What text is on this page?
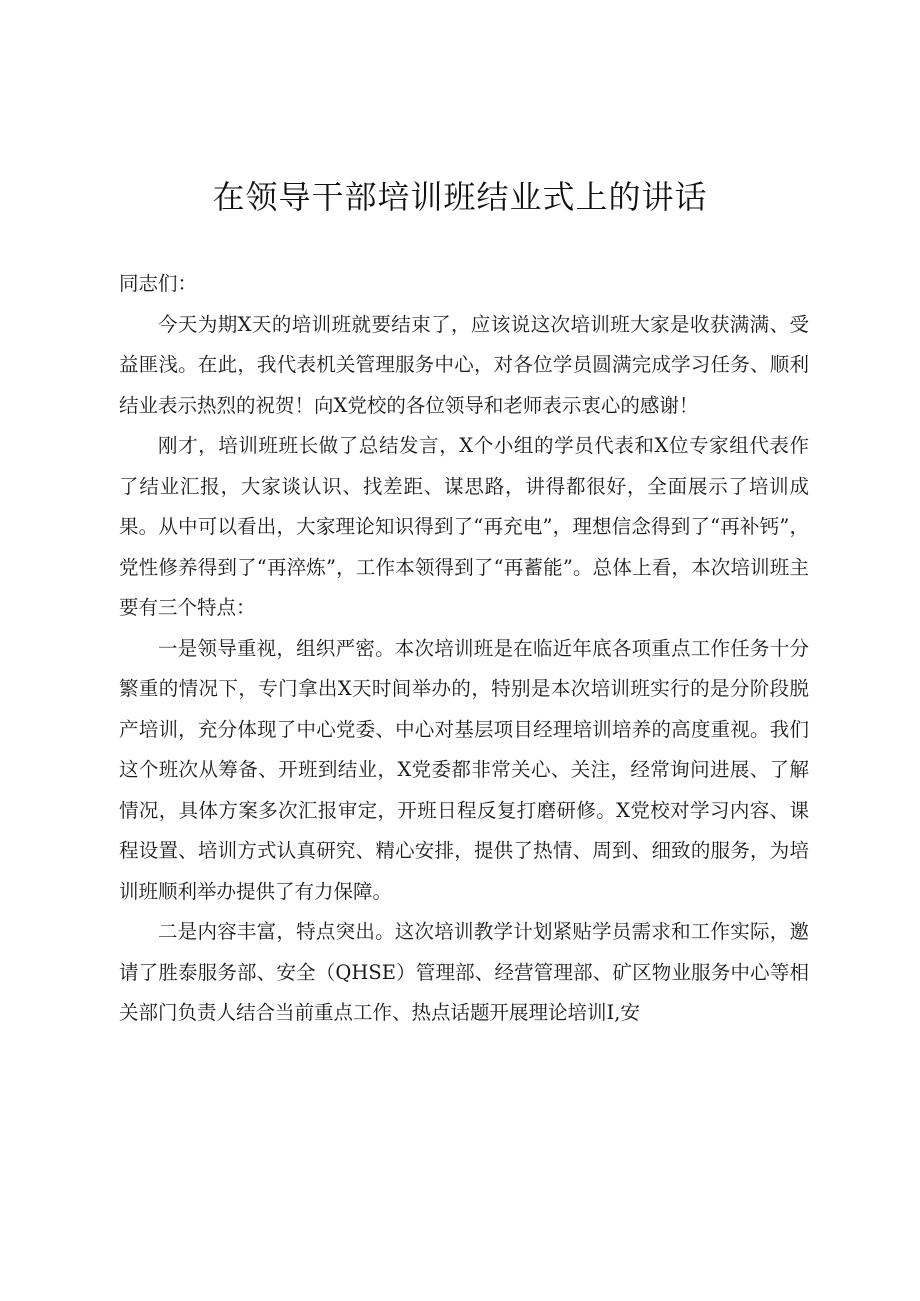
在领导干部培训班结业式上的讲话

同志们：

今天为期X天的培训班就要结束了，应该说这次培训班大家是收获满满、受益匪浅。在此，我代表机关管理服务中心，对各位学员圆满完成学习任务、顺利结业表示热烈的祝贺！向X党校的各位领导和老师表示衷心的感谢！

刚才，培训班班长做了总结发言，X个小组的学员代表和X位专家组代表作了结业汇报，大家谈认识、找差距、谋思路，讲得都很好，全面展示了培训成果。从中可以看出，大家理论知识得到了“再充电”，理想信念得到了“再补钙”，党性修养得到了“再淬炼”，工作本领得到了“再蓄能”。总体上看，本次培训班主要有三个特点：

一是领导重视，组织严密。本次培训班是在临近年底各项重点工作任务十分繁重的情况下，专门拿出X天时间举办的，特别是本次培训班实行的是分阶段脱产培训，充分体现了中心党委、中心对基层项目经理培训培养的高度重视。我们这个班次从筹备、开班到结业，X党委都非常关心、关注，经常询问进展、了解情况，具体方案多次汇报审定，开班日程反复打磨研修。X党校对学习内容、课程设置、培训方式认真研究、精心安排，提供了热情、周到、细致的服务，为培训班顺利举办提供了有力保障。

二是内容丰富，特点突出。这次培训教学计划紧贴学员需求和工作实际，邀请了胜泰服务部、安全（QHSE）管理部、经营管理部、矿区物业服务中心等相关部门负责人结合当前重点工作、热点话题开展理论培训I,安
